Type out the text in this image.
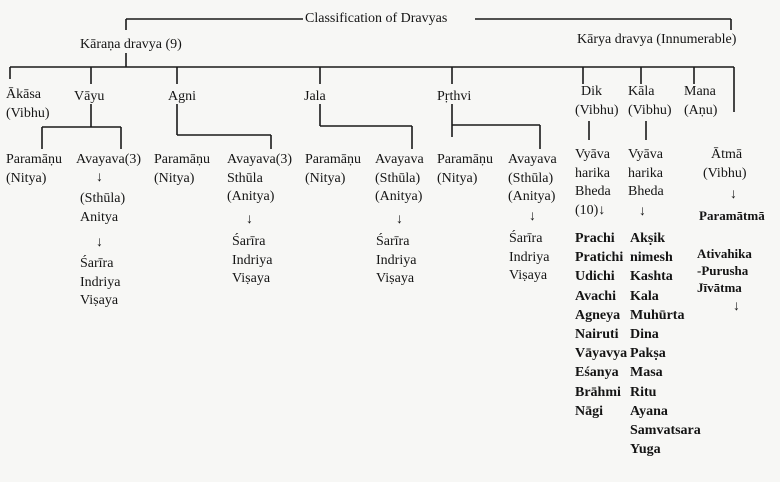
Classification of Dravyas
Kāraṇa dravya (9)	Kārya dravya (Innumerable)
Ākāsa
(Vibhu)
Vāyu
Paramāṇu
(Nitya)
Avayava(3)
↓
(Sthūla)
Anitya
↓
Śarīra
Indriya
Viṣaya
Agni
Paramāṇu
(Nitya)
Avayava(3)
Sthūla
(Anitya)
↓
Śarīra
Indriya
Viṣaya
Jala
Paramāṇu
(Nitya)
Avayava
(Sthūla)
(Anitya)
↓
Śarīra
Indriya
Viṣaya
Pṛthvi
Paramāṇu
(Nitya)
Avayava
(Sthūla)
(Anitya)
↓
Śarīra
Indriya
Viṣaya
Dik
(Vibhu)
Vyāva
harika
Bheda
(10)↓
Prachi
Pratichi
Udichi
Avachi
Agneya
Nairuti
Vāyavya
Eśanya
Brāhmi
Nāgi
Kāla
(Vibhu)
Vyāva
harika
Bheda
↓
Akṣik
nimesh
Kashta
Kala
Muhūrta
Dina
Pakṣa
Masa
Ritu
Ayana
Samvatsara
Yuga
Mana
(Aṇu)
Ātmā
(Vibhu)
↓
Paramātmā
Ativahika
-Purusha
Jīvātma
↓
